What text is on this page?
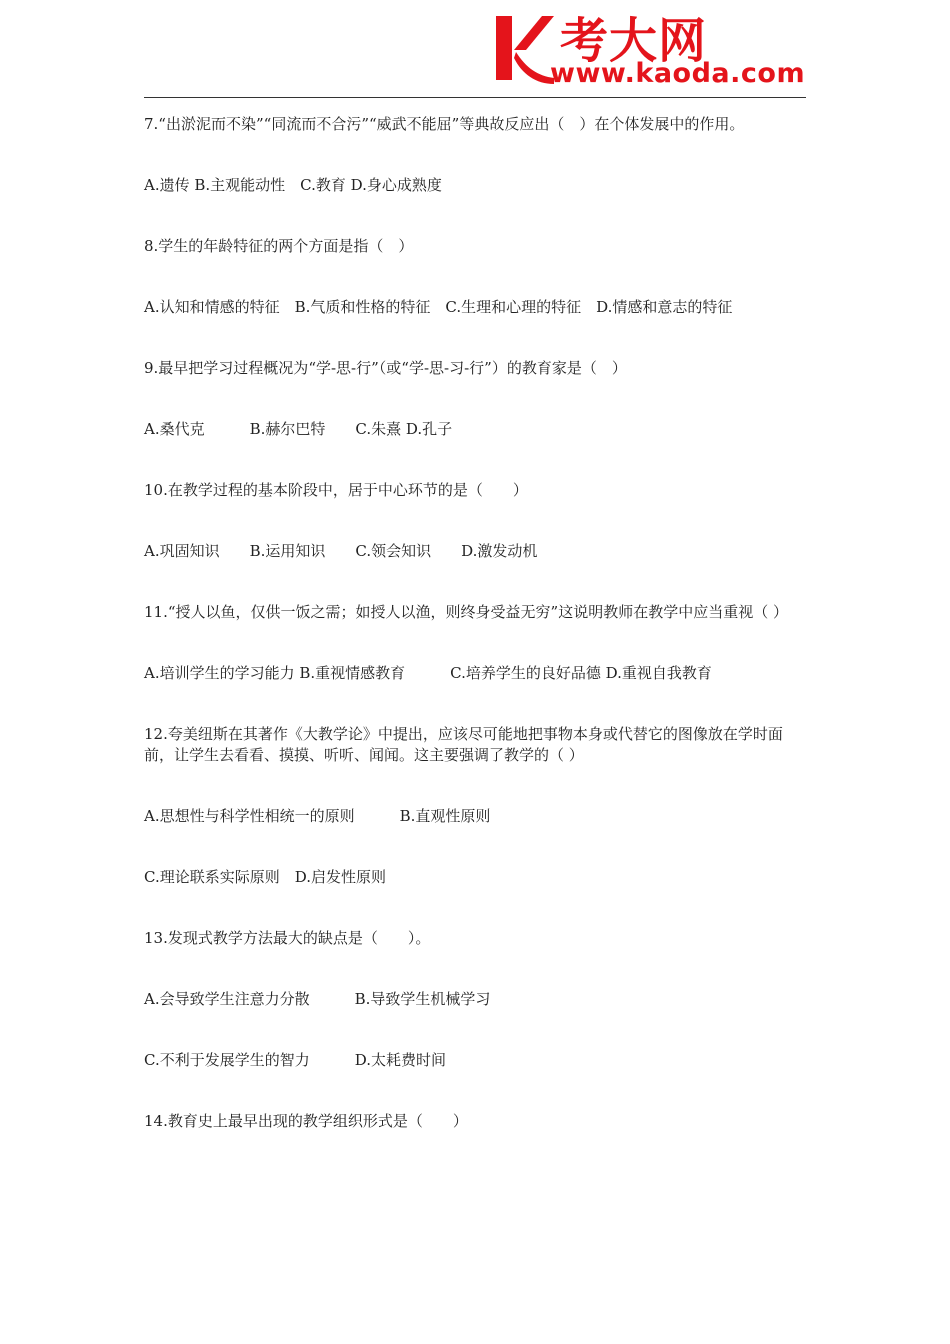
考大网
www.kaoda.com

7.“出淤泥而不染”“同流而不合污”“威武不能屈”等典故反应出（　）在个体发展中的作用。

A.遗传 B.主观能动性　C.教育 D.身心成熟度

8.学生的年龄特征的两个方面是指（　）

A.认知和情感的特征　B.气质和性格的特征　C.生理和心理的特征　D.情感和意志的特征

9.最早把学习过程概况为“学-思-行”（或“学-思-习-行”）的教育家是（　）

A.桑代克　　　B.赫尔巴特　　C.朱熹 D.孔子

10.在教学过程的基本阶段中，居于中心环节的是（　　）

A.巩固知识　　B.运用知识　　C.领会知识　　D.激发动机

11.“授人以鱼，仅供一饭之需；如授人以渔，则终身受益无穷”这说明教师在教学中应当重视（ ）

A.培训学生的学习能力 B.重视情感教育　　　C.培养学生的良好品德 D.重视自我教育

12.夸美纽斯在其著作《大教学论》中提出，应该尽可能地把事物本身或代替它的图像放在学时面前，让学生去看看、摸摸、听听、闻闻。这主要强调了教学的（ ）

A.思想性与科学性相统一的原则　　　B.直观性原则

C.理论联系实际原则　D.启发性原则

13.发现式教学方法最大的缺点是（　　）。

A.会导致学生注意力分散　　　B.导致学生机械学习

C.不利于发展学生的智力　　　D.太耗费时间

14.教育史上最早出现的教学组织形式是（　　）
